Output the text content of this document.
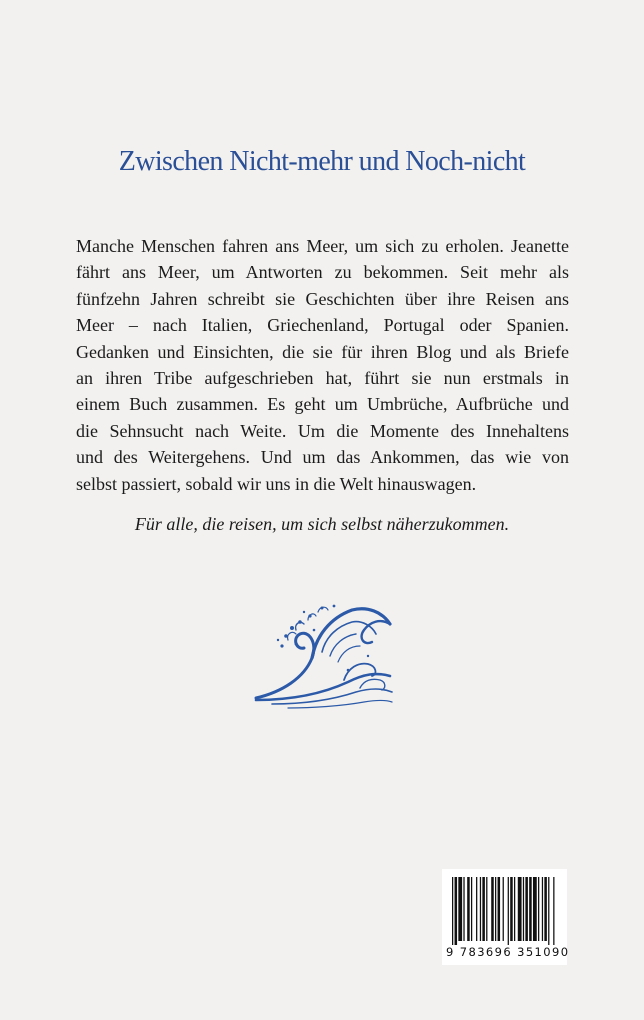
Zwischen Nicht-mehr und Noch-nicht
Manche Menschen fahren ans Meer, um sich zu erholen. Jeanette
fährt ans Meer, um Antworten zu bekommen. Seit mehr als
fünfzehn Jahren schreibt sie Geschichten über ihre Reisen ans
Meer – nach Italien, Griechenland, Portugal oder Spanien.
Gedanken und Einsichten, die sie für ihren Blog und als Briefe
an ihren Tribe aufgeschrieben hat, führt sie nun erstmals in
einem Buch zusammen. Es geht um Umbrüche, Aufbrüche und
die Sehnsucht nach Weite. Um die Momente des Innehaltens
und des Weitergehens. Und um das Ankommen, das wie von
selbst passiert, sobald wir uns in die Welt hinauswagen.
Für alle, die reisen, um sich selbst näherzukommen.
9 783696 351090
